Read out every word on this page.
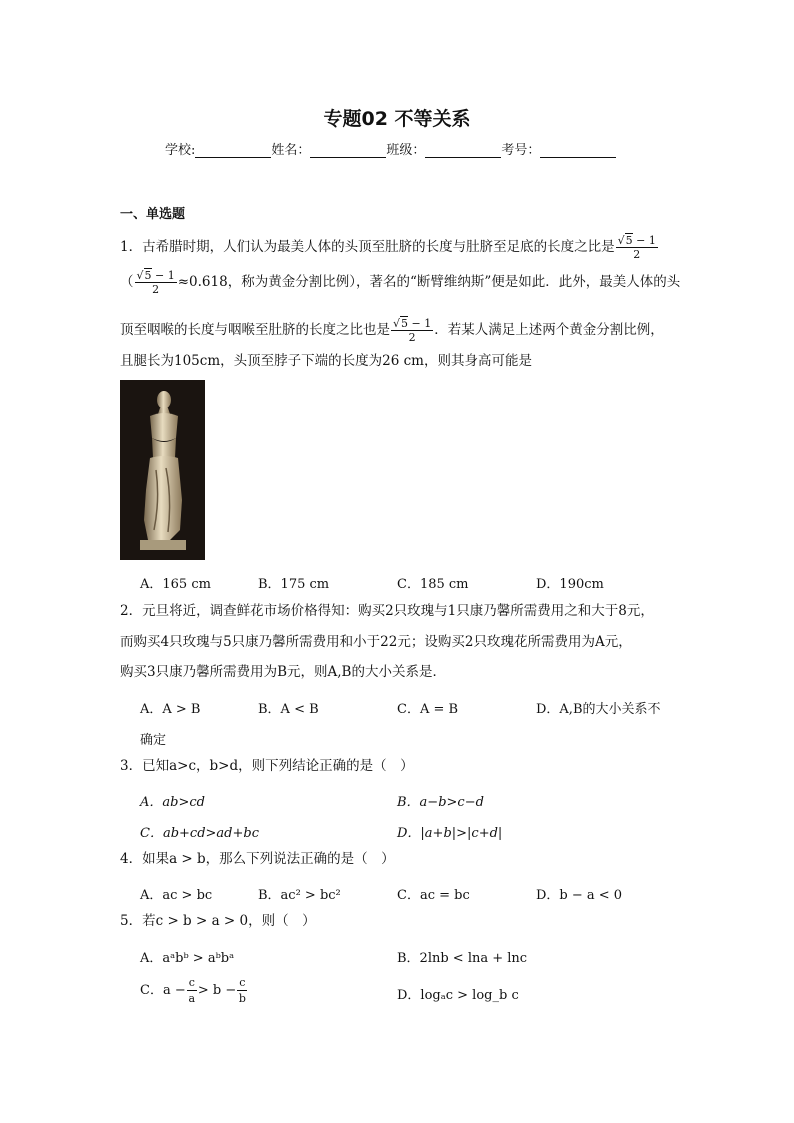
专题02 不等关系
学校:	姓名：	班级：	考号：
一、单选题
1．古希腊时期，人们认为最美人体的头顶至肚脐的长度与肚脐至足底的长度之比是 $\frac{√5 - 1}{2}$
（ $\frac{√5 - 1}{2} \approx 0.618$，称为黄金分割比例），著名的“断臂维纳斯”便是如此．此外，最美人体的头
顶至咽喉的长度与咽喉至肚脐的长度之比也是 $\frac{√5 - 1}{2}$ ．若某人满足上述两个黄金分割比例，
且腿长为105cm，头顶至脖子下端的长度为26 cm，则其身高可能是
A．165 cm	B．175 cm	C．185 cm	D．190cm
2．元旦将近，调查鲜花市场价格得知：购买2只玫瑰与1只康乃馨所需费用之和大于8元，
而购买4只玫瑰与5只康乃馨所需费用和小于22元；设购买2只玫瑰花所需费用为A元，
购买3只康乃馨所需费用为B元，则A,B的大小关系是．
A．A > B	B．A < B	C．A = B	D．A,B的大小关系不
确定
3．已知a>c，b>d，则下列结论正确的是（　）
A．ab>cd	B．a−b>c−d
C．ab+cd>ad+bc	D．|a+b|>|c+d|
4．如果a > b，那么下列说法正确的是（　）
A．ac > bc	B．ac² > bc²	C．ac = bc	D．b − a < 0
5．若c > b > a > 0，则（　）
A．aᵃbᵇ > aᵇbᵃ	B．2lnb < lna + lnc
C．$a - \frac{c}{a} > b - \frac{c}{b}$	D．logₐc > log_b c
